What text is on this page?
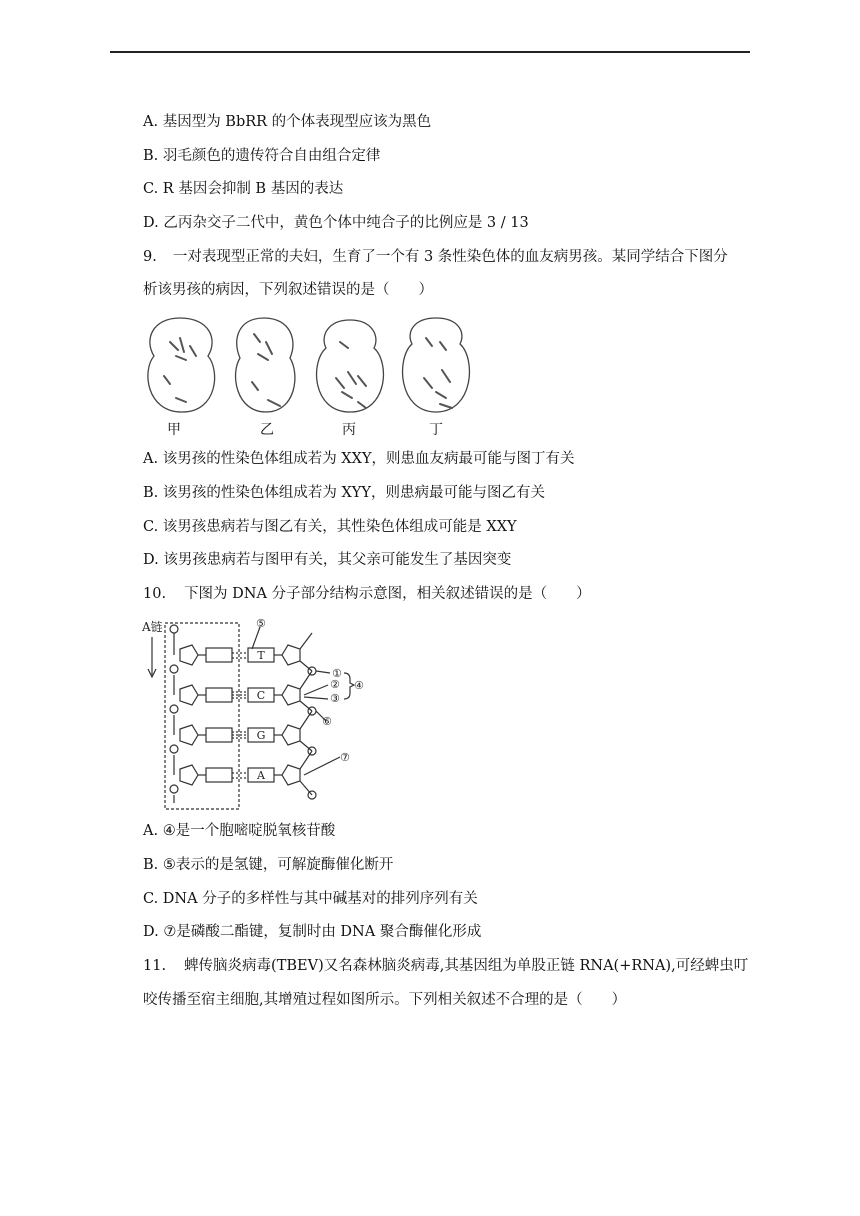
A. 基因型为 BbRR 的个体表现型应该为黑色
B. 羽毛颜色的遗传符合自由组合定律
C. R 基因会抑制 B 基因的表达
D. 乙丙杂交子二代中，黄色个体中纯合子的比例应是 3 / 13
9. 一对表现型正常的夫妇，生育了一个有 3 条性染色体的血友病男孩。某同学结合下图分
析该男孩的病因，下列叙述错误的是（　　）
甲	乙	丙	丁
A. 该男孩的性染色体组成若为 XXY，则患血友病最可能与图丁有关
B. 该男孩的性染色体组成若为 XYY，则患病最可能与图乙有关
C. 该男孩患病若与图乙有关，其性染色体组成可能是 XXY
D. 该男孩患病若与图甲有关，其父亲可能发生了基因突变
10. 下图为 DNA 分子部分结构示意图，相关叙述错误的是（　　）
A链
T
C
G
A
①
②
③
④
⑤
⑥
⑦
A. ④是一个胞嘧啶脱氧核苷酸
B. ⑤表示的是氢键，可解旋酶催化断开
C. DNA 分子的多样性与其中碱基对的排列序列有关
D. ⑦是磷酸二酯键，复制时由 DNA 聚合酶催化形成
11. 蜱传脑炎病毒(TBEV)又名森林脑炎病毒,其基因组为单股正链 RNA(+RNA),可经蜱虫叮
咬传播至宿主细胞,其增殖过程如图所示。下列相关叙述不合理的是（　　）
